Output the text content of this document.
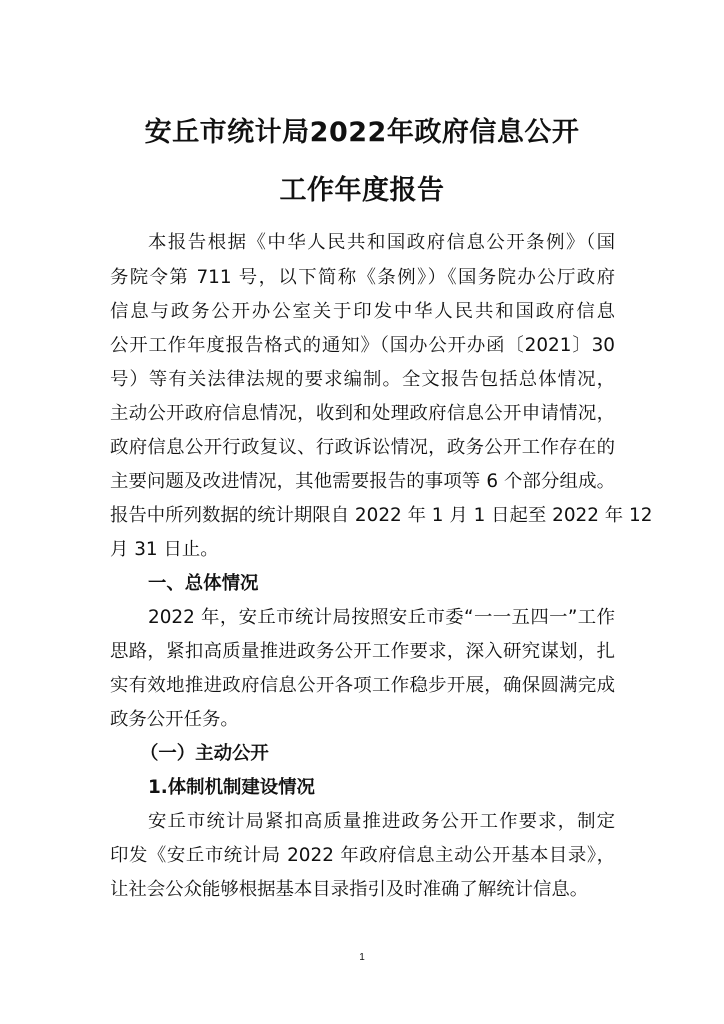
安丘市统计局2022年政府信息公开
工作年度报告
本报告根据《中华人民共和国政府信息公开条例》（国
务院令第 711 号，以下简称《条例》）《国务院办公厅政府
信息与政务公开办公室关于印发中华人民共和国政府信息
公开工作年度报告格式的通知》（国办公开办函〔2021〕30
号）等有关法律法规的要求编制。全文报告包括总体情况，
主动公开政府信息情况，收到和处理政府信息公开申请情况，
政府信息公开行政复议、行政诉讼情况，政务公开工作存在的
主要问题及改进情况，其他需要报告的事项等 6 个部分组成。
报告中所列数据的统计期限自 2022 年 1 月 1 日起至 2022 年 12
月 31 日止。
一、总体情况
2022 年，安丘市统计局按照安丘市委“一一五四一”工作
思路，紧扣高质量推进政务公开工作要求，深入研究谋划，扎
实有效地推进政府信息公开各项工作稳步开展，确保圆满完成
政务公开任务。
（一）主动公开
1.体制机制建设情况
安丘市统计局紧扣高质量推进政务公开工作要求，制定
印发《安丘市统计局 2022 年政府信息主动公开基本目录》，
让社会公众能够根据基本目录指引及时准确了解统计信息。
1
